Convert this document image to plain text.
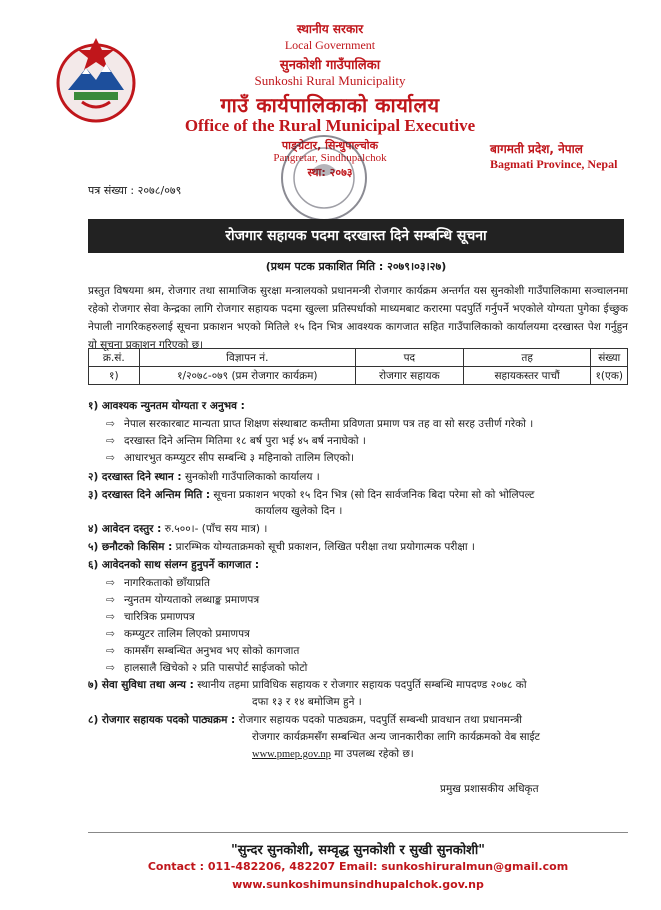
स्थानीय सरकार
Local Government
सुनकोशी गाउँपालिका
Sunkoshi Rural Municipality
गाउँ कार्यपालिकाको कार्यालय
Office of the Rural Municipal Executive
पाङ्ग्रेटार, सिन्धुपाल्चोक
Pangretar, Sindhupalchok
स्था: २०७३
बागमती प्रदेश, नेपाल
Bagmati Province, Nepal
पत्र संख्या : २०७८/०७९
रोजगार सहायक पदमा दरखास्त दिने सम्बन्धि सूचना
(प्रथम पटक प्रकाशित मिति : २०७९।०३।२७)
प्रस्तुत विषयमा श्रम, रोजगार तथा सामाजिक सुरक्षा मन्त्रालयको प्रधानमन्त्री रोजगार कार्यक्रम अन्तर्गत यस सुनकोशी गाउँपालिकामा सञ्चालनमा रहेको रोजगार सेवा केन्द्रका लागि रोजगार सहायक पदमा खुल्ला प्रतिस्पर्धाको माध्यमबाट करारमा पदपुर्ति गर्नुपर्ने भएकोले योग्यता पुगेका ईच्छुक नेपाली नागरिकहरुलाई सूचना प्रकाशन भएको मितिले १५ दिन भित्र आवश्यक कागजात सहित गाउँपालिकाको कार्यालयमा दरखास्त पेश गर्नुहुन यो सूचना प्रकाशन गरिएको छ।
क्र.सं.	विज्ञापन नं.	पद	तह	संख्या
१)	१/२०७८-०७९ (प्रम रोजगार कार्यक्रम)	रोजगार सहायक	सहायकस्तर पाचौं	१(एक)
१) आवश्यक न्युनतम योग्यता र अनुभव :
⇨ नेपाल सरकारबाट मान्यता प्राप्त शिक्षण संस्थाबाट कम्तीमा प्रविणता प्रमाण पत्र तह वा सो सरह उत्तीर्ण गरेको ।
⇨ दरखास्त दिने अन्तिम मितिमा १८ बर्ष पुरा भई ४५ बर्ष ननाघेको ।
⇨ आधारभुत कम्प्युटर सीप सम्बन्धि ३ महिनाको तालिम लिएको।
२) दरखास्त दिने स्थान : सुनकोशी गाउँपालिकाको कार्यालय ।
३) दरखास्त दिने अन्तिम मिति : सूचना प्रकाशन भएको १५ दिन भित्र (सो दिन सार्वजनिक बिदा परेमा सो को भोलिपल्ट
कार्यालय खुलेको दिन ।
४) आवेदन दस्तुर : रु.५००।- (पाँच सय मात्र) ।
५) छनौटको किसिम : प्रारम्भिक योग्यताक्रमको सूची प्रकाशन, लिखित परीक्षा तथा प्रयोगात्मक परीक्षा ।
६) आवेदनको साथ संलग्न हुनुपर्ने कागजात :
⇨ नागरिकताको छाँयाप्रति
⇨ न्युनतम योग्यताको लब्धाङ्क प्रमाणपत्र
⇨ चारित्रिक प्रमाणपत्र
⇨ कम्प्युटर तालिम लिएको प्रमाणपत्र
⇨ कामसँग सम्बन्धित अनुभव भए सोको कागजात
⇨ हालसालै खिचेको २ प्रति पासपोर्ट साईजको फोटो
७) सेवा सुविधा तथा अन्य : स्थानीय तहमा प्राविधिक सहायक र रोजगार सहायक पदपुर्ति सम्बन्धि मापदण्ड २०७८ को
दफा १३ र १४ बमोजिम हुने ।
८) रोजगार सहायक पदको पाठ्यक्रम : रोजगार सहायक पदको पाठ्यक्रम, पदपुर्ति सम्बन्धी प्रावधान तथा प्रधानमन्त्री
रोजगार कार्यक्रमसँग सम्बन्धित अन्य जानकारीका लागि कार्यक्रमको वेब साईट
www.pmep.gov.np मा उपलब्ध रहेको छ।
प्रमुख प्रशासकीय अधिकृत
"सुन्दर सुनकोशी, सम्वृद्ध सुनकोशी र सुखी सुनकोशी"
Contact : 011-482206, 482207 Email: sunkoshiruralmun@gmail.com
www.sunkoshimunsindhupalchok.gov.np
